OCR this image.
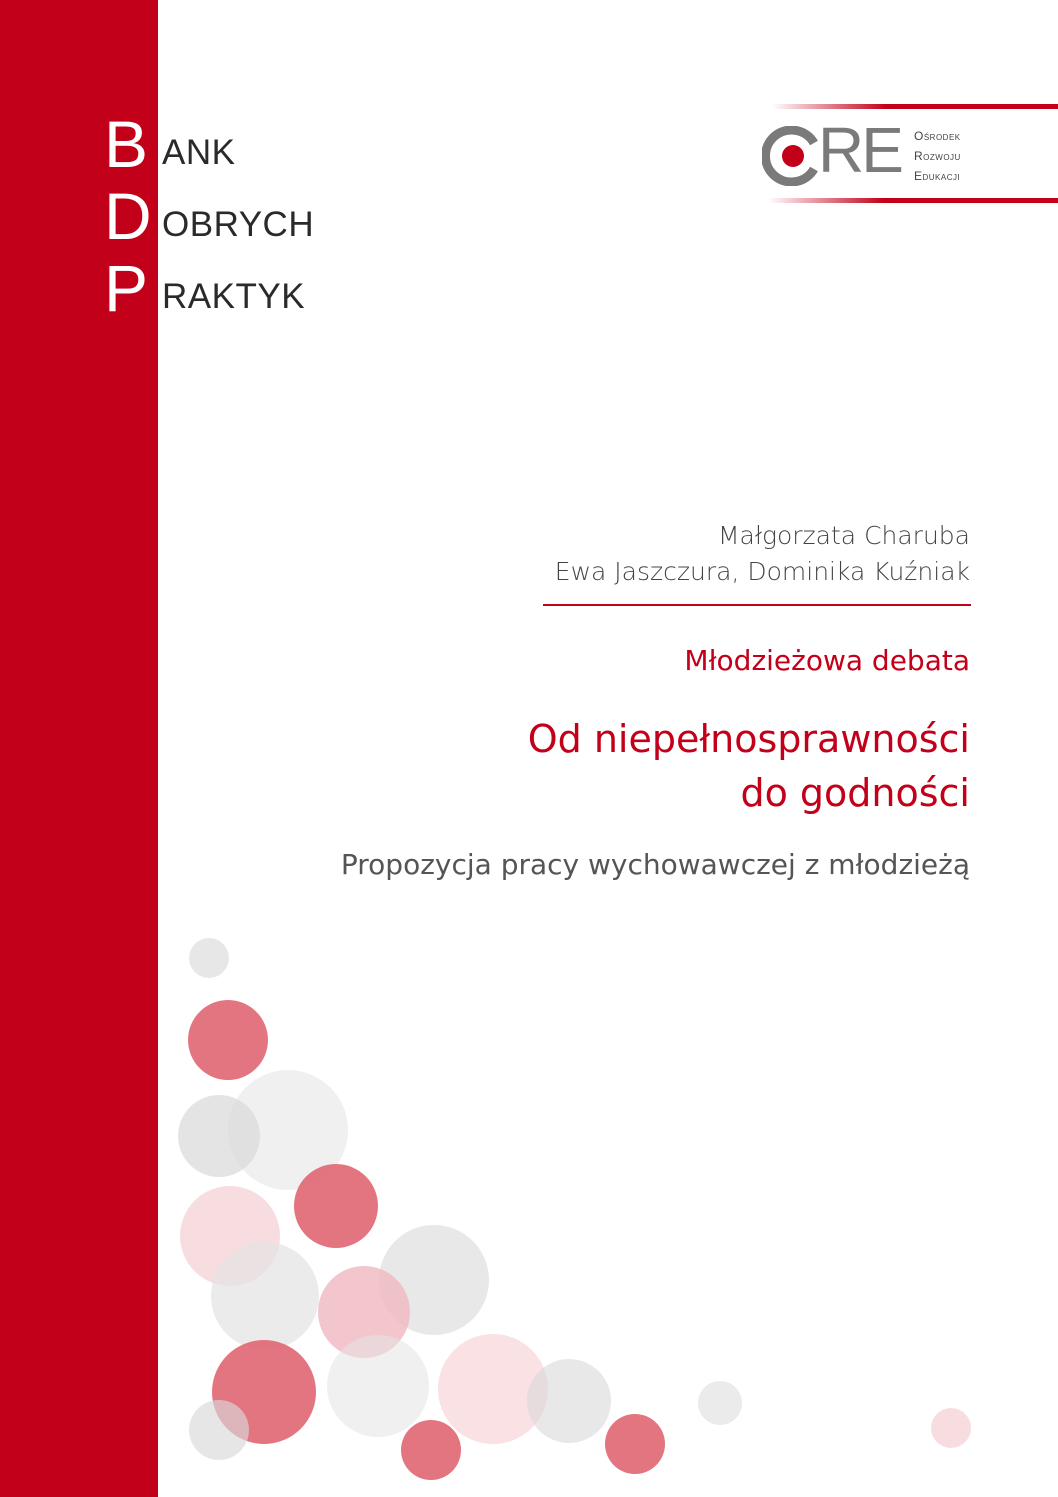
B ANK
D OBRYCH
P RAKTYK
RE Ośrodek
Rozwoju
Edukacji
Małgorzata Charuba
Ewa Jaszczura, Dominika Kuźniak
Młodzieżowa debata
Od niepełnosprawności
do godności
Propozycja pracy wychowawczej z młodzieżą
